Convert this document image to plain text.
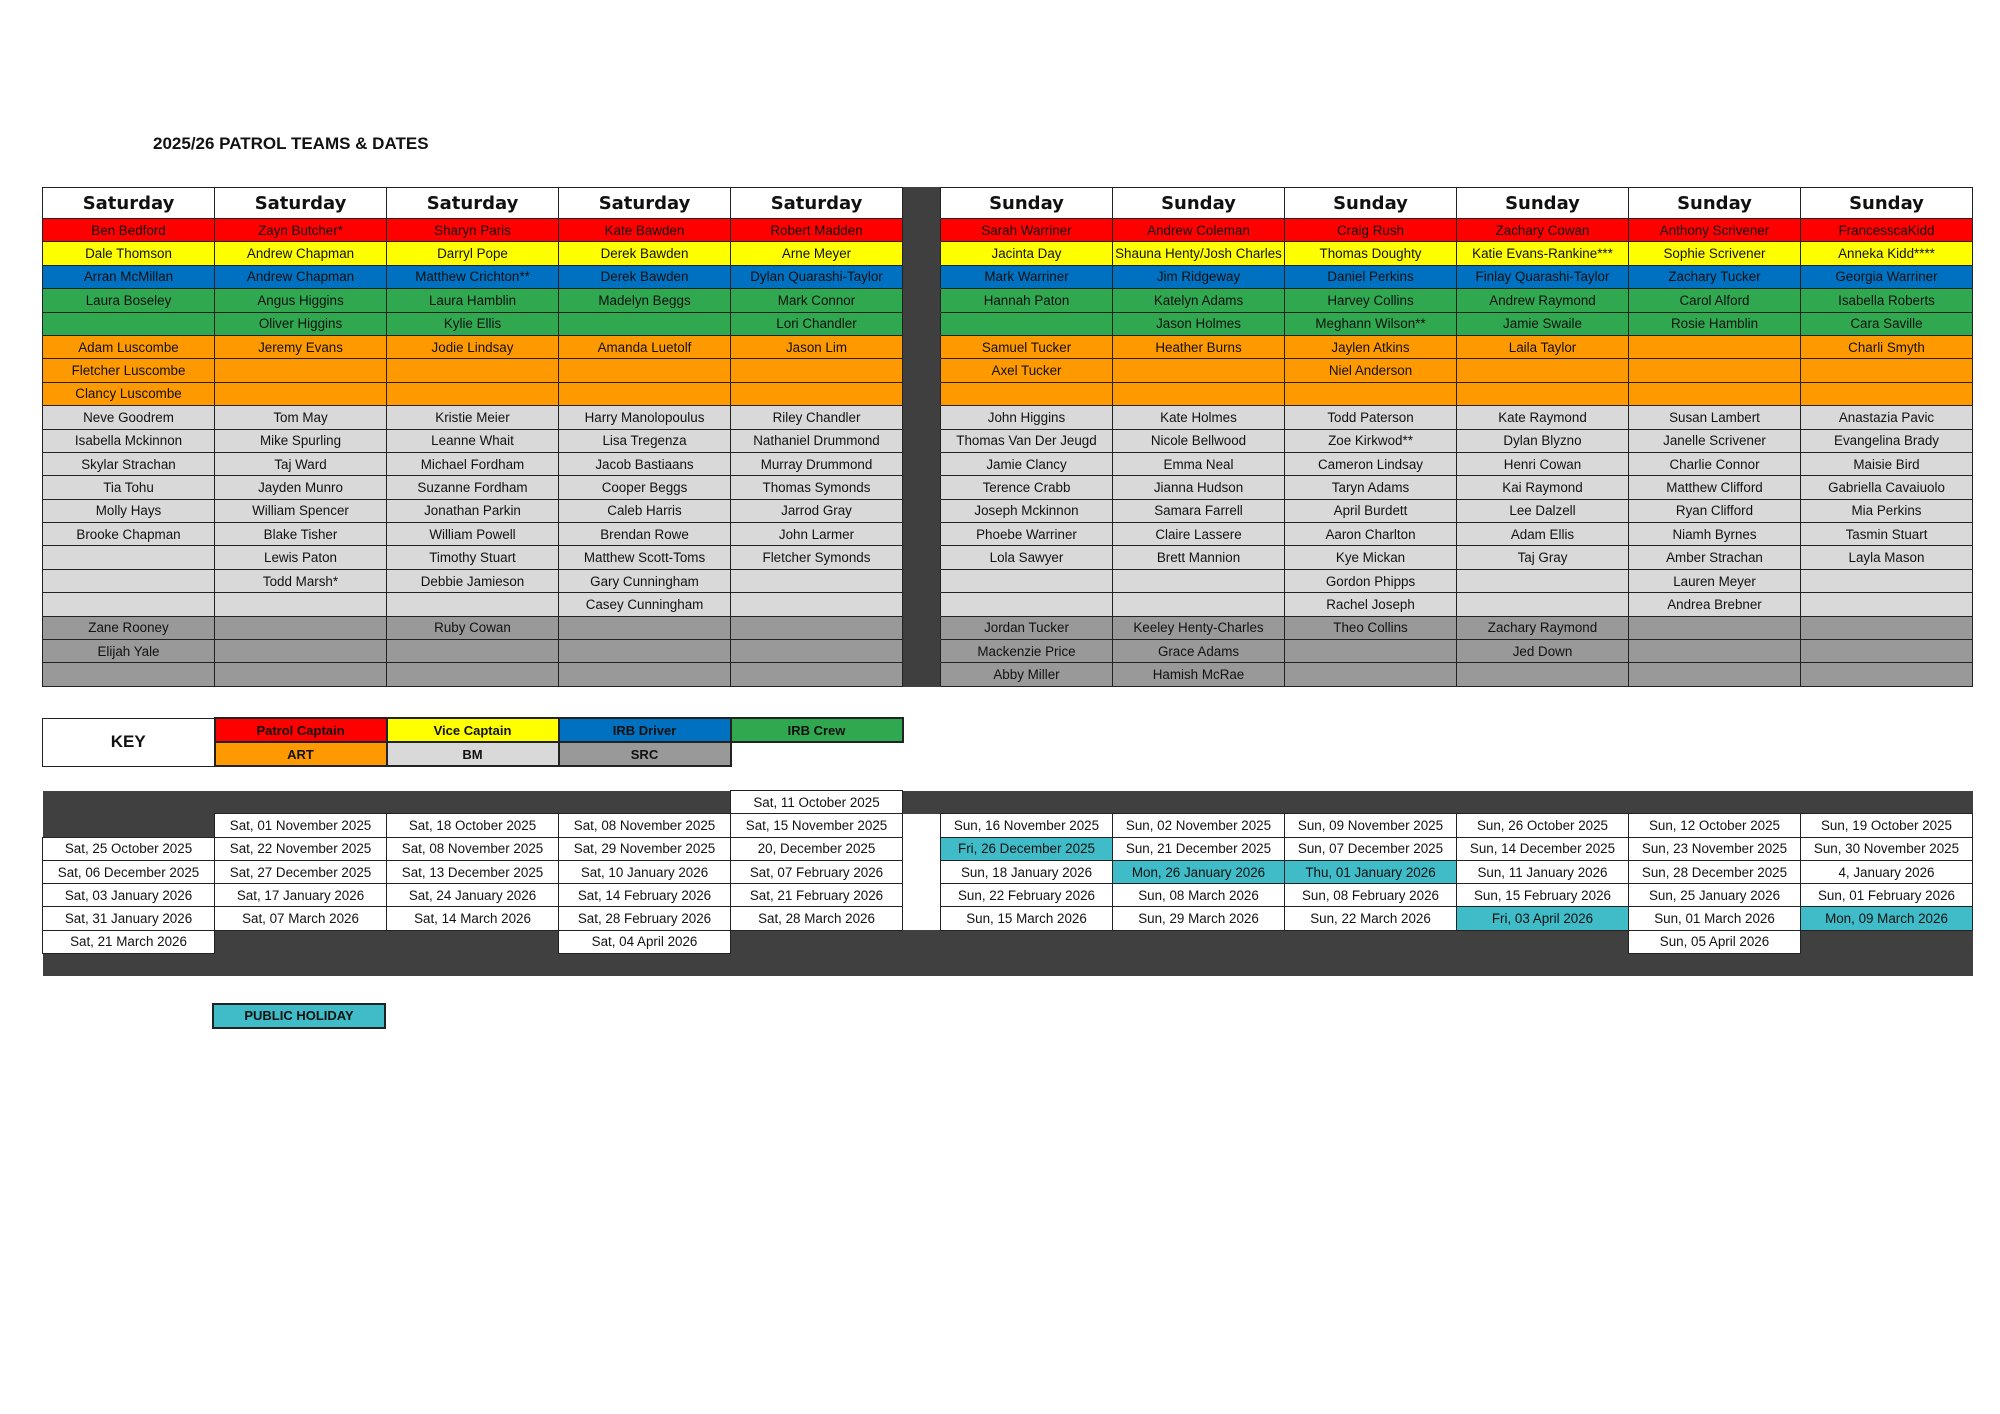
2025/26 PATROL TEAMS & DATES
Saturday	Saturday	Saturday	Saturday	Saturday		Sunday	Sunday	Sunday	Sunday	Sunday	Sunday
Ben Bedford	Zayn Butcher*	Sharyn Paris	Kate Bawden	Robert Madden		Sarah Warriner	Andrew Coleman	Craig Rush	Zachary Cowan	Anthony Scrivener	FrancesscaKidd
Dale Thomson	Andrew Chapman	Darryl Pope	Derek Bawden	Arne Meyer		Jacinta Day	Shauna Henty/Josh Charles	Thomas Doughty	Katie Evans-Rankine***	Sophie Scrivener	Anneka Kidd****
Arran McMillan	Andrew Chapman	Matthew Crichton**	Derek Bawden	Dylan Quarashi-Taylor		Mark Warriner	Jim Ridgeway	Daniel Perkins	Finlay Quarashi-Taylor	Zachary Tucker	Georgia Warriner
Laura Boseley	Angus Higgins	Laura Hamblin	Madelyn Beggs	Mark Connor		Hannah Paton	Katelyn Adams	Harvey Collins	Andrew Raymond	Carol Alford	Isabella Roberts
	Oliver Higgins	Kylie Ellis		Lori Chandler			Jason Holmes	Meghann Wilson**	Jamie Swaile	Rosie Hamblin	Cara Saville
Adam Luscombe	Jeremy Evans	Jodie Lindsay	Amanda Luetolf	Jason Lim		Samuel Tucker	Heather Burns	Jaylen Atkins	Laila Taylor		Charli Smyth
Fletcher Luscombe						Axel Tucker		Niel Anderson			
Clancy Luscombe											
Neve Goodrem	Tom May	Kristie Meier	Harry Manolopoulus	Riley Chandler		John Higgins	Kate Holmes	Todd Paterson	Kate Raymond	Susan Lambert	Anastazia Pavic
Isabella Mckinnon	Mike Spurling	Leanne Whait	Lisa Tregenza	Nathaniel Drummond		Thomas Van Der Jeugd	Nicole Bellwood	Zoe Kirkwod**	Dylan Blyzno	Janelle Scrivener	Evangelina Brady
Skylar Strachan	Taj Ward	Michael Fordham	Jacob Bastiaans	Murray Drummond		Jamie Clancy	Emma Neal	Cameron Lindsay	Henri Cowan	Charlie Connor	Maisie Bird
Tia Tohu	Jayden Munro	Suzanne Fordham	Cooper Beggs	Thomas Symonds		Terence Crabb	Jianna Hudson	Taryn Adams	Kai Raymond	Matthew Clifford	Gabriella Cavaiuolo
Molly Hays	William Spencer	Jonathan Parkin	Caleb Harris	Jarrod Gray		Joseph Mckinnon	Samara Farrell	April Burdett	Lee Dalzell	Ryan Clifford	Mia Perkins
Brooke Chapman	Blake Tisher	William Powell	Brendan Rowe	John Larmer		Phoebe Warriner	Claire Lassere	Aaron Charlton	Adam Ellis	Niamh Byrnes	Tasmin Stuart
	Lewis Paton	Timothy Stuart	Matthew Scott-Toms	Fletcher Symonds		Lola Sawyer	Brett Mannion	Kye Mickan	Taj Gray	Amber Strachan	Layla Mason
	Todd Marsh*	Debbie Jamieson	Gary Cunningham					Gordon Phipps		Lauren Meyer	
			Casey Cunningham					Rachel Joseph		Andrea Brebner	
Zane Rooney		Ruby Cowan				Jordan Tucker	Keeley Henty-Charles	Theo Collins	Zachary Raymond		
Elijah Yale						Mackenzie Price	Grace Adams		Jed Down		
						Abby Miller	Hamish McRae				
KEY	Patrol Captain	Vice Captain	IRB Driver	IRB Crew
	ART	BM	SRC	
				Sat, 11 October 2025							
	Sat, 01 November 2025	Sat, 18 October 2025	Sat, 08 November 2025	Sat, 15 November 2025		Sun, 16 November 2025	Sun, 02 November 2025	Sun, 09 November 2025	Sun, 26 October 2025	Sun, 12 October 2025	Sun, 19 October 2025
Sat, 25 October 2025	Sat, 22 November 2025	Sat, 08 November 2025	Sat, 29 November 2025	20, December 2025		Fri, 26 December 2025	Sun, 21 December 2025	Sun, 07 December 2025	Sun, 14 December 2025	Sun, 23 November 2025	Sun, 30 November 2025
Sat, 06 December 2025	Sat, 27 December 2025	Sat, 13 December 2025	Sat, 10 January 2026	Sat, 07 February 2026		Sun, 18 January 2026	Mon, 26 January 2026	Thu, 01 January 2026	Sun, 11 January 2026	Sun, 28 December 2025	4, January 2026
Sat, 03 January 2026	Sat, 17 January 2026	Sat, 24 January 2026	Sat, 14 February 2026	Sat, 21 February 2026		Sun, 22 February 2026	Sun, 08 March 2026	Sun, 08 February 2026	Sun, 15 February 2026	Sun, 25 January 2026	Sun, 01 February 2026
Sat, 31 January 2026	Sat, 07 March 2026	Sat, 14 March 2026	Sat, 28 February 2026	Sat, 28 March 2026		Sun, 15 March 2026	Sun, 29 March 2026	Sun, 22 March 2026	Fri, 03 April 2026	Sun, 01 March 2026	Mon, 09 March 2026
Sat, 21 March 2026			Sat, 04 April 2026							Sun, 05 April 2026	

PUBLIC HOLIDAY
